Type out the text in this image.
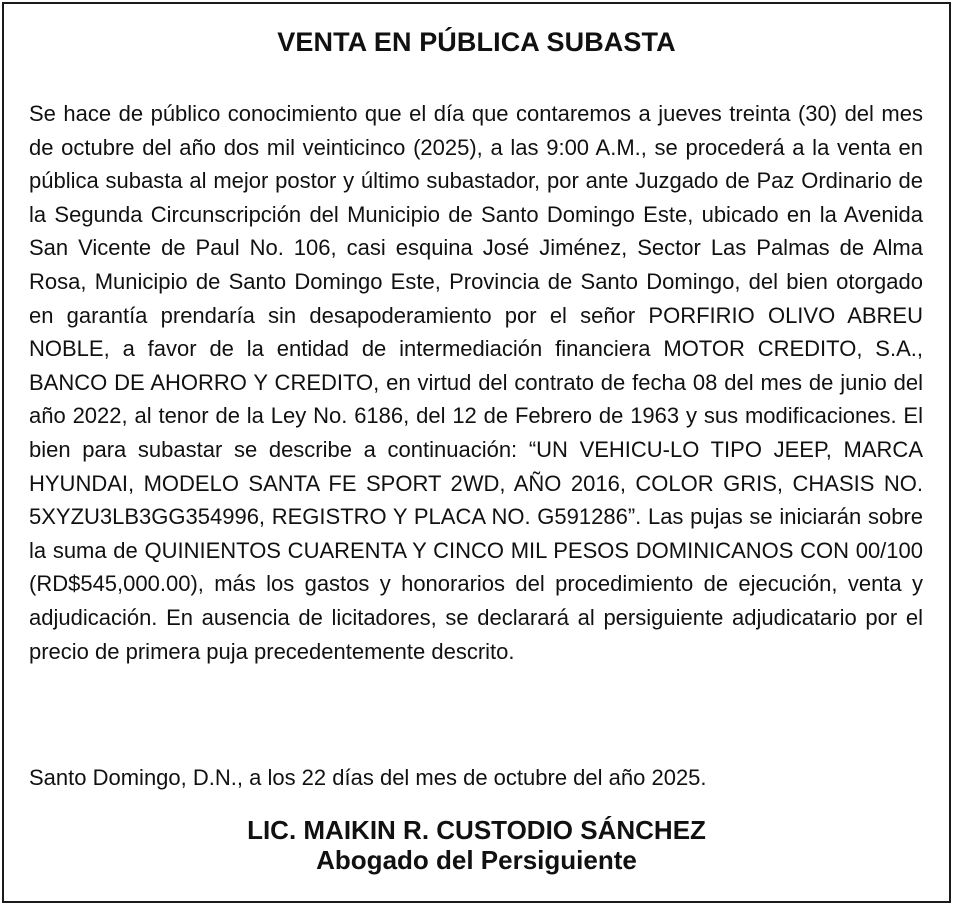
VENTA EN PÚBLICA SUBASTA

Se hace de público conocimiento que el día que contaremos a jueves treinta (30) del mes de octubre del año dos mil veinticinco (2025), a las 9:00 A.M., se procederá a la venta en pública subasta al mejor postor y último subastador, por ante Juzgado de Paz Ordinario de la Segunda Circunscripción del Municipio de Santo Domingo Este, ubicado en la Avenida San Vicente de Paul No. 106, casi esquina José Jiménez, Sector Las Palmas de Alma Rosa, Municipio de Santo Domingo Este, Provincia de Santo Domingo, del bien otorgado en garantía prendaría sin desapoderamiento por el señor PORFIRIO OLIVO ABREU NOBLE, a favor de la entidad de intermediación financiera MOTOR CREDITO, S.A., BANCO DE AHORRO Y CREDITO, en virtud del contrato de fecha 08 del mes de junio del año 2022, al tenor de la Ley No. 6186, del 12 de Febrero de 1963 y sus modificaciones. El bien para subastar se describe a continuación: “UN VEHICU-LO TIPO JEEP, MARCA HYUNDAI, MODELO SANTA FE SPORT 2WD, AÑO 2016, COLOR GRIS, CHASIS NO. 5XYZU3LB3GG354996, REGISTRO Y PLACA NO. G591286”. Las pujas se iniciarán sobre la suma de QUINIENTOS CUARENTA Y CINCO MIL PESOS DOMINICANOS CON 00/100 (RD$545,000.00), más los gastos y honorarios del procedimiento de ejecución, venta y adjudicación. En ausencia de licitadores, se declarará al persiguiente adjudicatario por el precio de primera puja precedentemente descrito.

Santo Domingo, D.N., a los 22 días del mes de octubre del año 2025.
LIC. MAIKIN R. CUSTODIO SÁNCHEZ
Abogado del Persiguiente
